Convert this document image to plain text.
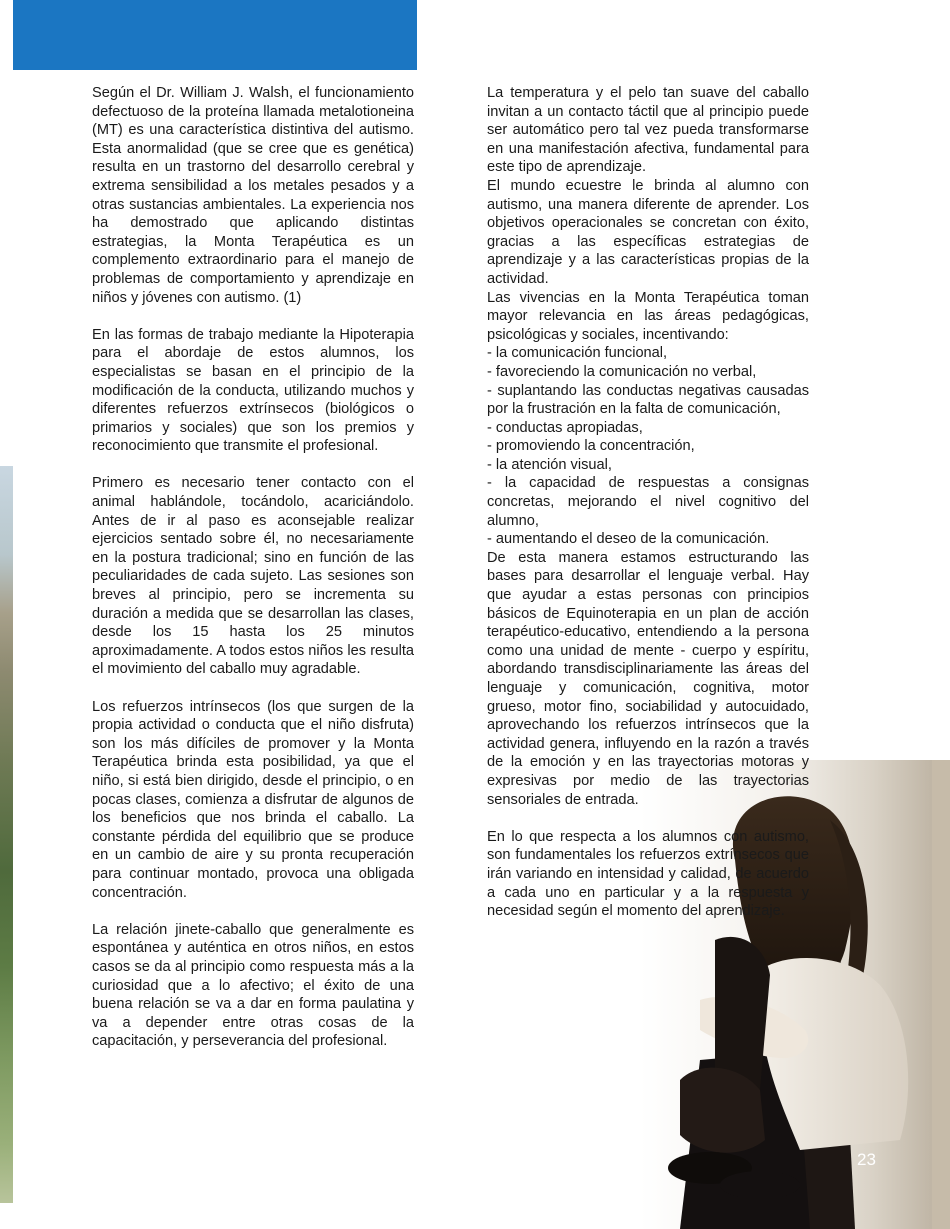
Según el Dr. William J. Walsh, el funcionamiento defectuoso de la proteína llamada metalotioneina (MT) es una característica distintiva del autismo. Esta anormalidad (que se cree que es genética) resulta en un trastorno del desarrollo cerebral y extrema sensibilidad a los metales pesados y a otras sustancias ambientales. La experiencia nos ha demostrado que aplicando distintas estrategias, la Monta Terapéutica es un complemento extraordinario para el manejo de problemas de comportamiento y aprendizaje en niños y jóvenes con autismo. (1)

En las formas de trabajo mediante la Hipoterapia para el abordaje de estos alumnos, los especialistas se basan en el principio de la modificación de la conducta, utilizando muchos y diferentes refuerzos extrínsecos (biológicos o primarios y sociales) que son los premios y reconocimiento que transmite el profesional.

Primero es necesario tener contacto con el animal hablándole, tocándolo, acariciándolo. Antes de ir al paso es aconsejable realizar ejercicios sentado sobre él, no necesariamente en la postura tradicional; sino en función de las peculiaridades de cada sujeto. Las sesiones son breves al principio, pero se incrementa su duración a medida que se desarrollan las clases, desde los 15 hasta los 25 minutos aproximadamente. A todos estos niños les resulta el movimiento del caballo muy agradable.

Los refuerzos intrínsecos (los que surgen de la propia actividad o conducta que el niño disfruta) son los más difíciles de promover y la Monta Terapéutica brinda esta posibilidad, ya que el niño, si está bien dirigido, desde el principio, o en pocas clases, comienza a disfrutar de algunos de los beneficios que nos brinda el caballo. La constante pérdida del equilibrio que se produce en un cambio de aire y su pronta recuperación para continuar montado, provoca una obligada concentración.

La relación jinete-caballo que generalmente es espontánea y auténtica en otros niños, en estos casos se da al principio como respuesta más a la curiosidad que a lo afectivo; el éxito de una buena relación se va a dar en forma paulatina y va a depender entre otras cosas de la capacitación, y perseverancia del profesional.

La temperatura y el pelo tan suave del caballo invitan a un contacto táctil que al principio puede ser automático pero tal vez pueda transformarse en una manifestación afectiva, fundamental para este tipo de aprendizaje.

El mundo ecuestre le brinda al alumno con autismo, una manera diferente de aprender. Los objetivos operacionales se concretan con éxito, gracias a las específicas estrategias de aprendizaje y a las características propias de la actividad.

Las vivencias en la Monta Terapéutica toman mayor relevancia en las áreas pedagógicas, psicológicas y sociales, incentivando:

- la comunicación funcional,

- favoreciendo la comunicación no verbal,

- suplantando las conductas negativas causadas por la frustración en la falta de comunicación,

- conductas apropiadas,

- promoviendo la concentración,

- la atención visual,

- la capacidad de respuestas a consignas concretas, mejorando el nivel cognitivo del alumno,

- aumentando el deseo de la comunicación.

De esta manera estamos estructurando las bases para desarrollar el lenguaje verbal. Hay que ayudar a estas personas con principios básicos de Equinoterapia en un plan de acción terapéutico-educativo, entendiendo a la persona como una unidad de mente - cuerpo y espíritu, abordando transdisciplinariamente las áreas del lenguaje y comunicación, cognitiva, motor grueso, motor fino, sociabilidad y autocuidado, aprovechando los refuerzos intrínsecos que la actividad genera, influyendo en la razón a través de la emoción y en las trayectorias motoras y expresivas por medio de las trayectorias sensoriales de entrada.

En lo que respecta a los alumnos con autismo, son fundamentales los refuerzos extrínsecos que irán variando en intensidad y calidad, de acuerdo a cada uno en particular y a la respuesta y necesidad según el momento del aprendizaje.

23
